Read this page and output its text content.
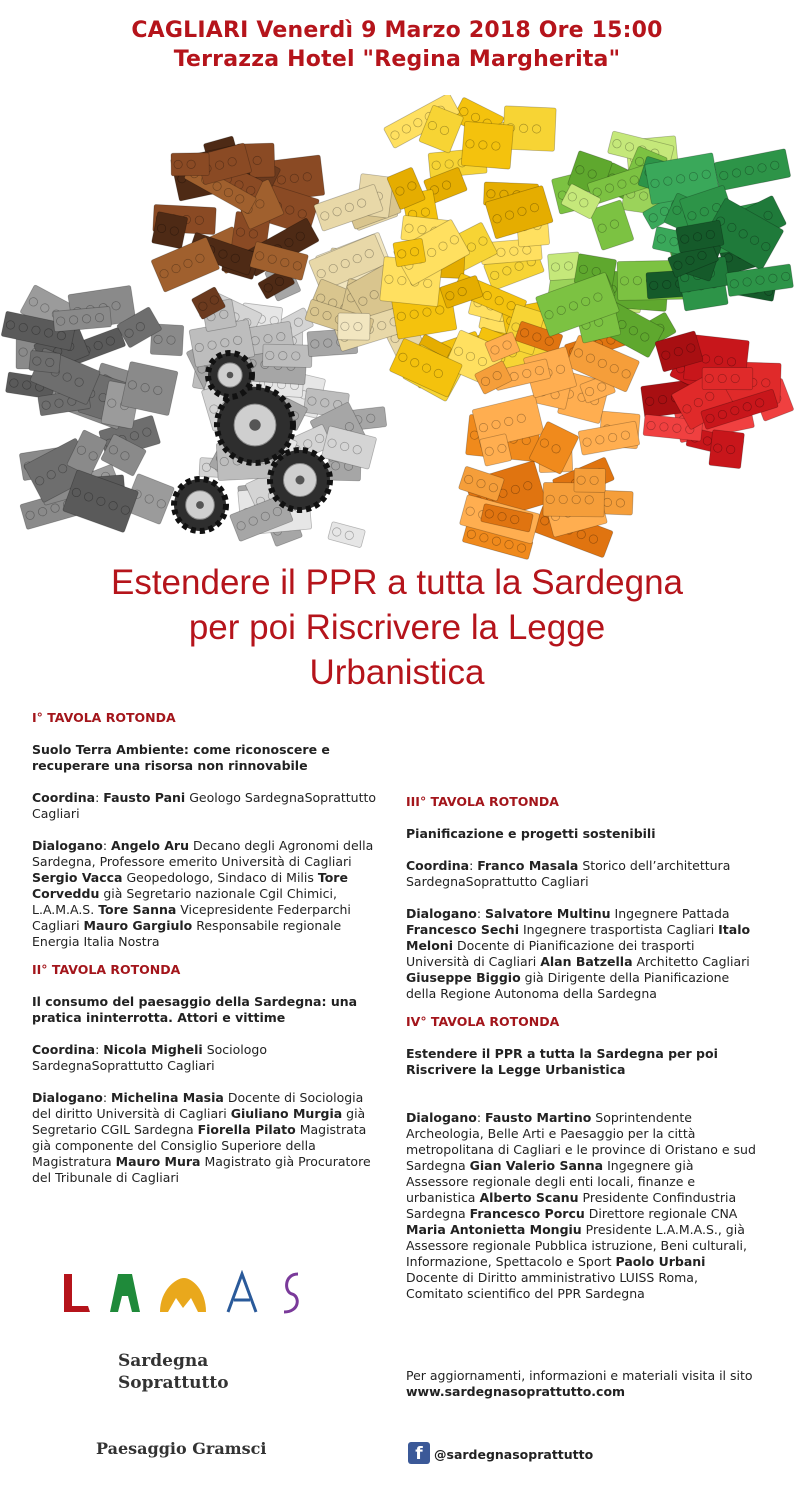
CAGLIARI Venerdì 9 Marzo 2018 Ore 15:00
Terrazza Hotel "Regina Margherita"
Estendere il PPR a tutta la Sardegna
per poi Riscrivere la Legge
Urbanistica

I° TAVOLA ROTONDA

Suolo Terra Ambiente: come riconoscere e recuperare una risorsa non rinnovabile

Coordina: Fausto Pani Geologo SardegnaSoprattutto Cagliari

Dialogano: Angelo Aru Decano degli Agronomi della Sardegna, Professore emerito Università di Cagliari Sergio Vacca Geopedologo, Sindaco di Milis Tore Corveddu già Segretario nazionale Cgil Chimici, L.A.M.A.S. Tore Sanna Vicepresidente Federparchi Cagliari Mauro Gargiulo Responsabile regionale Energia Italia Nostra

II° TAVOLA ROTONDA

Il consumo del paesaggio della Sardegna: una pratica ininterrotta. Attori e vittime

Coordina: Nicola Migheli Sociologo SardegnaSoprattutto Cagliari

Dialogano: Michelina Masia Docente di Sociologia del diritto Università di Cagliari Giuliano Murgia già Segretario CGIL Sardegna Fiorella Pilato Magistrata già componente del Consiglio Superiore della Magistratura Mauro Mura Magistrato già Procuratore del Tribunale di Cagliari

III° TAVOLA ROTONDA

Pianificazione e progetti sostenibili

Coordina: Franco Masala Storico dell’architettura SardegnaSoprattutto Cagliari

Dialogano: Salvatore Multinu Ingegnere Pattada Francesco Sechi Ingegnere trasportista Cagliari Italo Meloni Docente di Pianificazione dei trasporti Università di Cagliari Alan Batzella Architetto Cagliari Giuseppe Biggio già Dirigente della Pianificazione della Regione Autonoma della Sardegna

IV° TAVOLA ROTONDA

Estendere il PPR a tutta la Sardegna per poi Riscrivere la Legge Urbanistica

Dialogano: Fausto Martino Soprintendente Archeologia, Belle Arti e Paesaggio per la città metropolitana di Cagliari e le province di Oristano e sud Sardegna Gian Valerio Sanna Ingegnere già Assessore regionale degli enti locali, finanze e urbanistica Alberto Scanu Presidente Confindustria Sardegna Francesco Porcu Direttore regionale CNA Maria Antonietta Mongiu Presidente L.A.M.A.S., già Assessore regionale Pubblica istruzione, Beni culturali, Informazione, Spettacolo e Sport Paolo Urbani Docente di Diritto amministrativo LUISS Roma, Comitato scientifico del PPR Sardegna

Sardegna
Soprattutto
Paesaggio Gramsci
Per aggiornamenti, informazioni e materiali visita il sito www.sardegnasoprattutto.com
f @sardegnasoprattutto
